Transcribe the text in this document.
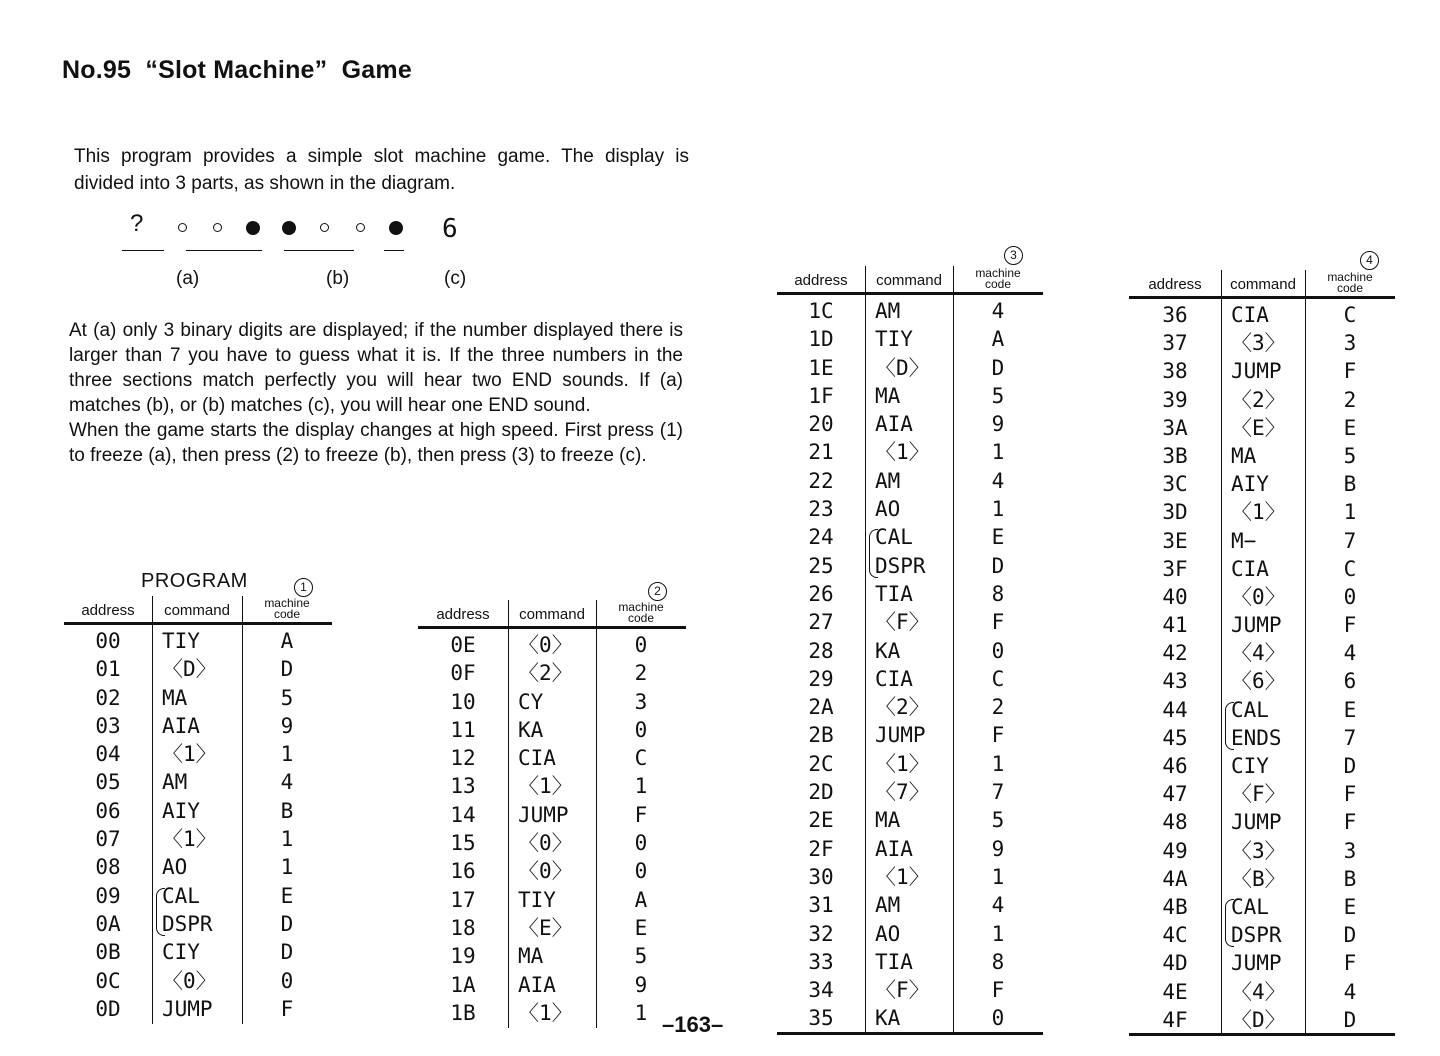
No.95  “Slot Machine”  Game

This program provides a simple slot machine game. The display is divided into 3 parts, as shown in the diagram.

?	6
(a)	(b)	(c)

At (a) only 3 binary digits are displayed; if the number displayed there is larger than 7 you have to guess what it is. If the three numbers in the three sections match perfectly you will hear two END sounds. If (a) matches (b), or (b) matches (c), you will hear one END sound.

When the game starts the display changes at high speed. First press (1) to freeze (a), then press (2) to freeze (b), then press (3) to freeze (c).

PROGRAM	1
address	command	machine
code
00	TIY	A
01	〈D〉	D
02	MA	5
03	AIA	9
04	〈1〉	1
05	AM	4
06	AIY	B
07	〈1〉	1
08	AO	1
09	CAL	E
0A	DSPR	D
0B	CIY	D
0C	〈0〉	0
0D	JUMP	F
2
address	command	machine
code
0E	〈0〉	0
0F	〈2〉	2
10	CY	3
11	KA	0
12	CIA	C
13	〈1〉	1
14	JUMP	F
15	〈0〉	0
16	〈0〉	0
17	TIY	A
18	〈E〉	E
19	MA	5
1A	AIA	9
1B	〈1〉	1
3
address	command	machine
code
1C	AM	4
1D	TIY	A
1E	〈D〉	D
1F	MA	5
20	AIA	9
21	〈1〉	1
22	AM	4
23	AO	1
24	CAL	E
25	DSPR	D
26	TIA	8
27	〈F〉	F
28	KA	0
29	CIA	C
2A	〈2〉	2
2B	JUMP	F
2C	〈1〉	1
2D	〈7〉	7
2E	MA	5
2F	AIA	9
30	〈1〉	1
31	AM	4
32	AO	1
33	TIA	8
34	〈F〉	F
35	KA	0
4
address	command	machine
code
36	CIA	C
37	〈3〉	3
38	JUMP	F
39	〈2〉	2
3A	〈E〉	E
3B	MA	5
3C	AIY	B
3D	〈1〉	1
3E	M−	7
3F	CIA	C
40	〈0〉	0
41	JUMP	F
42	〈4〉	4
43	〈6〉	6
44	CAL	E
45	ENDS	7
46	CIY	D
47	〈F〉	F
48	JUMP	F
49	〈3〉	3
4A	〈B〉	B
4B	CAL	E
4C	DSPR	D
4D	JUMP	F
4E	〈4〉	4
4F	〈D〉	D
–163–
